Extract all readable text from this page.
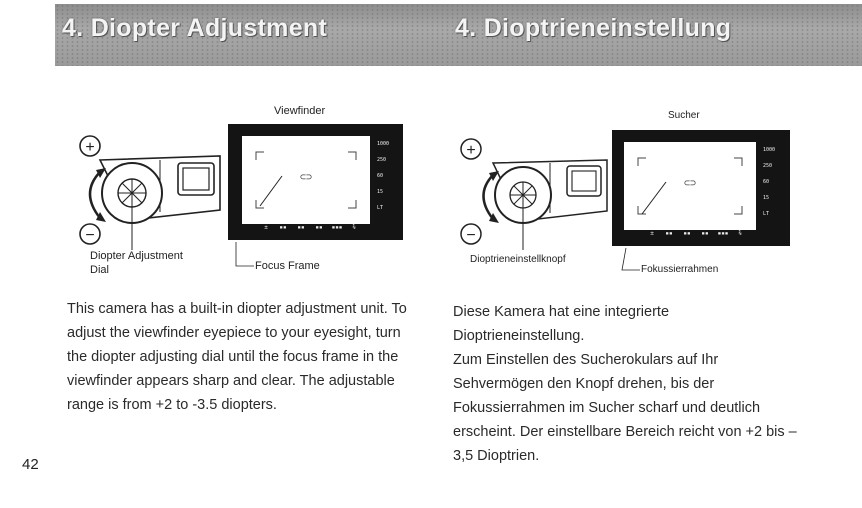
4. Diopter Adjustment	4. Dioptrieneinstellung
Viewfinder
+
−
⊂⊃
1000
250
60
15
LT
±	▪▪	▪▪	▪▪	▪▪▪	ɫ
Diopter Adjustment
Dial	Focus Frame
Sucher
+
−
⊂⊃
1000
250
60
15
LT
±	▪▪	▪▪	▪▪	▪▪▪	ɫ
Dioptrieneinstellknopf
Fokussierrahmen

This camera has a built-in diopter adjustment unit. To adjust the viewfinder eyepiece to your eyesight, turn the diopter adjusting dial until the focus frame in the viewfinder appears sharp and clear. The adjustable range is from +2 to -3.5 diopters.

Diese Kamera hat eine integrierte Dioptrieneinstellung.

Zum Einstellen des Sucherokulars auf Ihr Sehvermögen den Knopf drehen, bis der Fokussierrahmen im Sucher scharf und deutlich erscheint. Der einstellbare Bereich reicht von +2 bis –3,5 Dioptrien.

42
